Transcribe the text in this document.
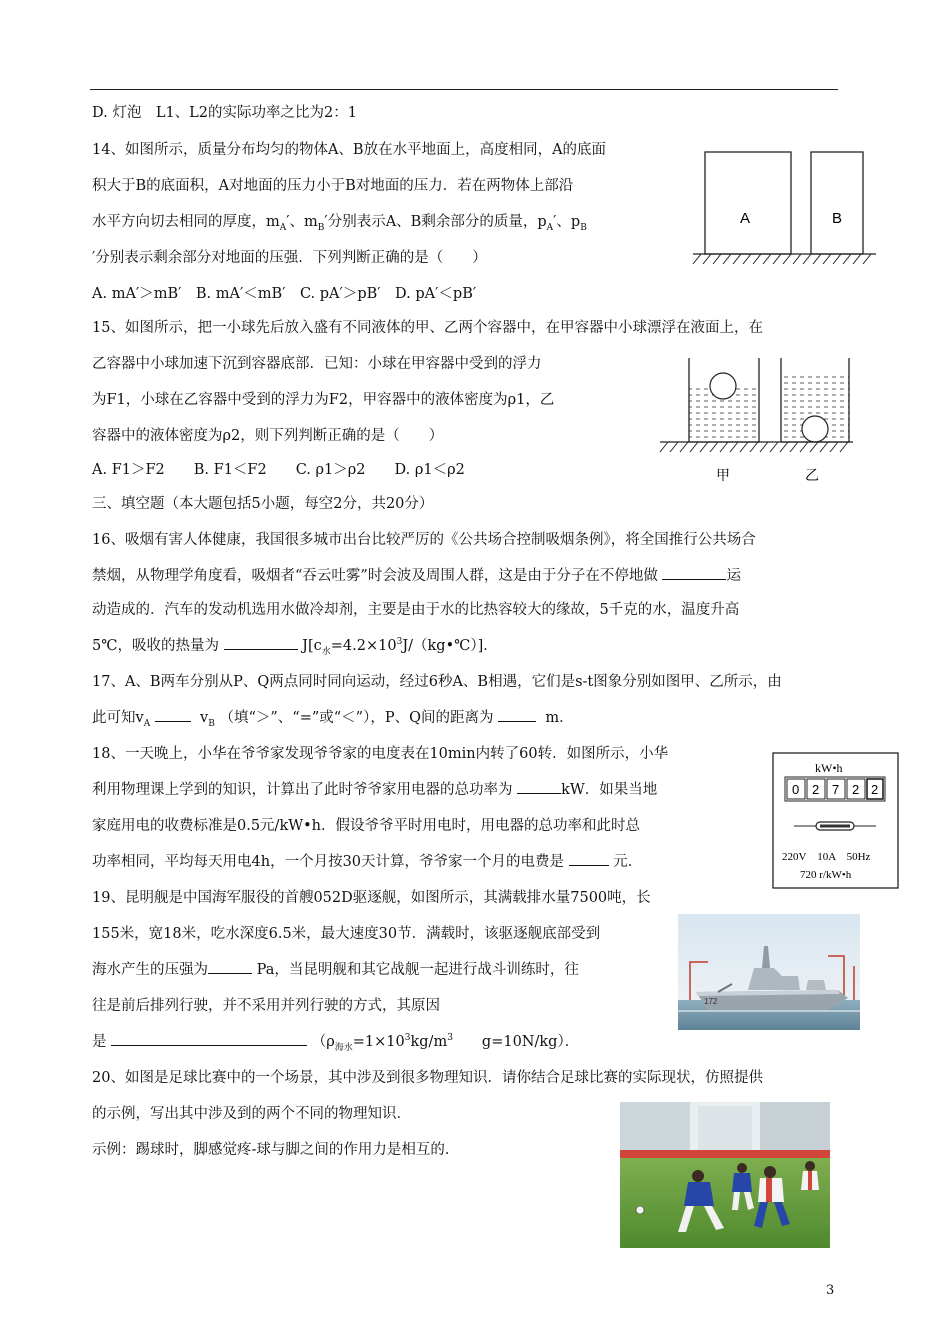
D. 灯泡　L1、L2的实际功率之比为2：1
14、如图所示，质量分布均匀的物体A、B放在水平地面上，高度相同，A的底面
积大于B的底面积，A对地面的压力小于B对地面的压力．若在两物体上部沿
水平方向切去相同的厚度，$m_A'$、$m_B'$分别表示A、B剩余部分的质量，$p_A'$、$p_B$
′分别表示剩余部分对地面的压强．下列判断正确的是（　　）
A. mA′＞mB′　B. mA′＜mB′　C. pA′＞pB′　D. pA′＜pB′
A	B
15、如图所示，把一小球先后放入盛有不同液体的甲、乙两个容器中，在甲容器中小球漂浮在液面上，在
乙容器中小球加速下沉到容器底部．已知：小球在甲容器中受到的浮力
为F1，小球在乙容器中受到的浮力为F2，甲容器中的液体密度为ρ1，乙
容器中的液体密度为ρ2，则下列判断正确的是（　　）
A. F1＞F2　　B. F1＜F2　　C. ρ1＞ρ2　　D. ρ1＜ρ2	甲	乙
三、填空题（本大题包括5小题，每空2分，共20分）
16、吸烟有害人体健康，我国很多城市出台比较严厉的《公共场合控制吸烟条例》，将全国推行公共场合
禁烟，从物理学角度看，吸烟者“吞云吐雾”时会波及周围人群，这是由于分子在不停地做	运
动造成的．汽车的发动机选用水做冷却剂，主要是由于水的比热容较大的缘故，5千克的水，温度升高
5℃，吸收的热量为	$J[c_水=4.2\times 10^3J/(kg•℃)]$．
17、A、B两车分别从P、Q两点同时同向运动，经过6秒A、B相遇，它们是s-t图象分别如图甲、乙所示，由
此可知$v_A$	$v_B$ （填“＞”、“=”或“＜”），P、Q间的距离为	m．
18、一天晚上，小华在爷爷家发现爷爷家的电度表在10min内转了60转．如图所示，小华
利用物理课上学到的知识，计算出了此时爷爷家用电器的总功率为	kW．如果当地
家庭用电的收费标准是0.5元/kW•h．假设爷爷平时用电时，用电器的总功率和此时总
功率相同，平均每天用电4h，一个月按30天计算，爷爷家一个月的电费是	元．
kW•h
0 2 7 2 2
220V　10A　50Hz
720 r/kW•h
19、昆明舰是中国海军服役的首艘052D驱逐舰，如图所示，其满载排水量7500吨，长
155米，宽18米，吃水深度6.5米，最大速度30节．满载时，该驱逐舰底部受到
海水产生的压强为	Pa，当昆明舰和其它战舰一起进行战斗训练时，往
往是前后排列行驶，并不采用并列行驶的方式，其原因
是	（$\rho_{海水}=1\times 10^3kg/m^3$　　g=10N/kg）．
172
20、如图是足球比赛中的一个场景，其中涉及到很多物理知识．请你结合足球比赛的实际现状，仿照提供
的示例，写出其中涉及到的两个不同的物理知识．
示例：踢球时，脚感觉疼-球与脚之间的作用力是相互的．
3
